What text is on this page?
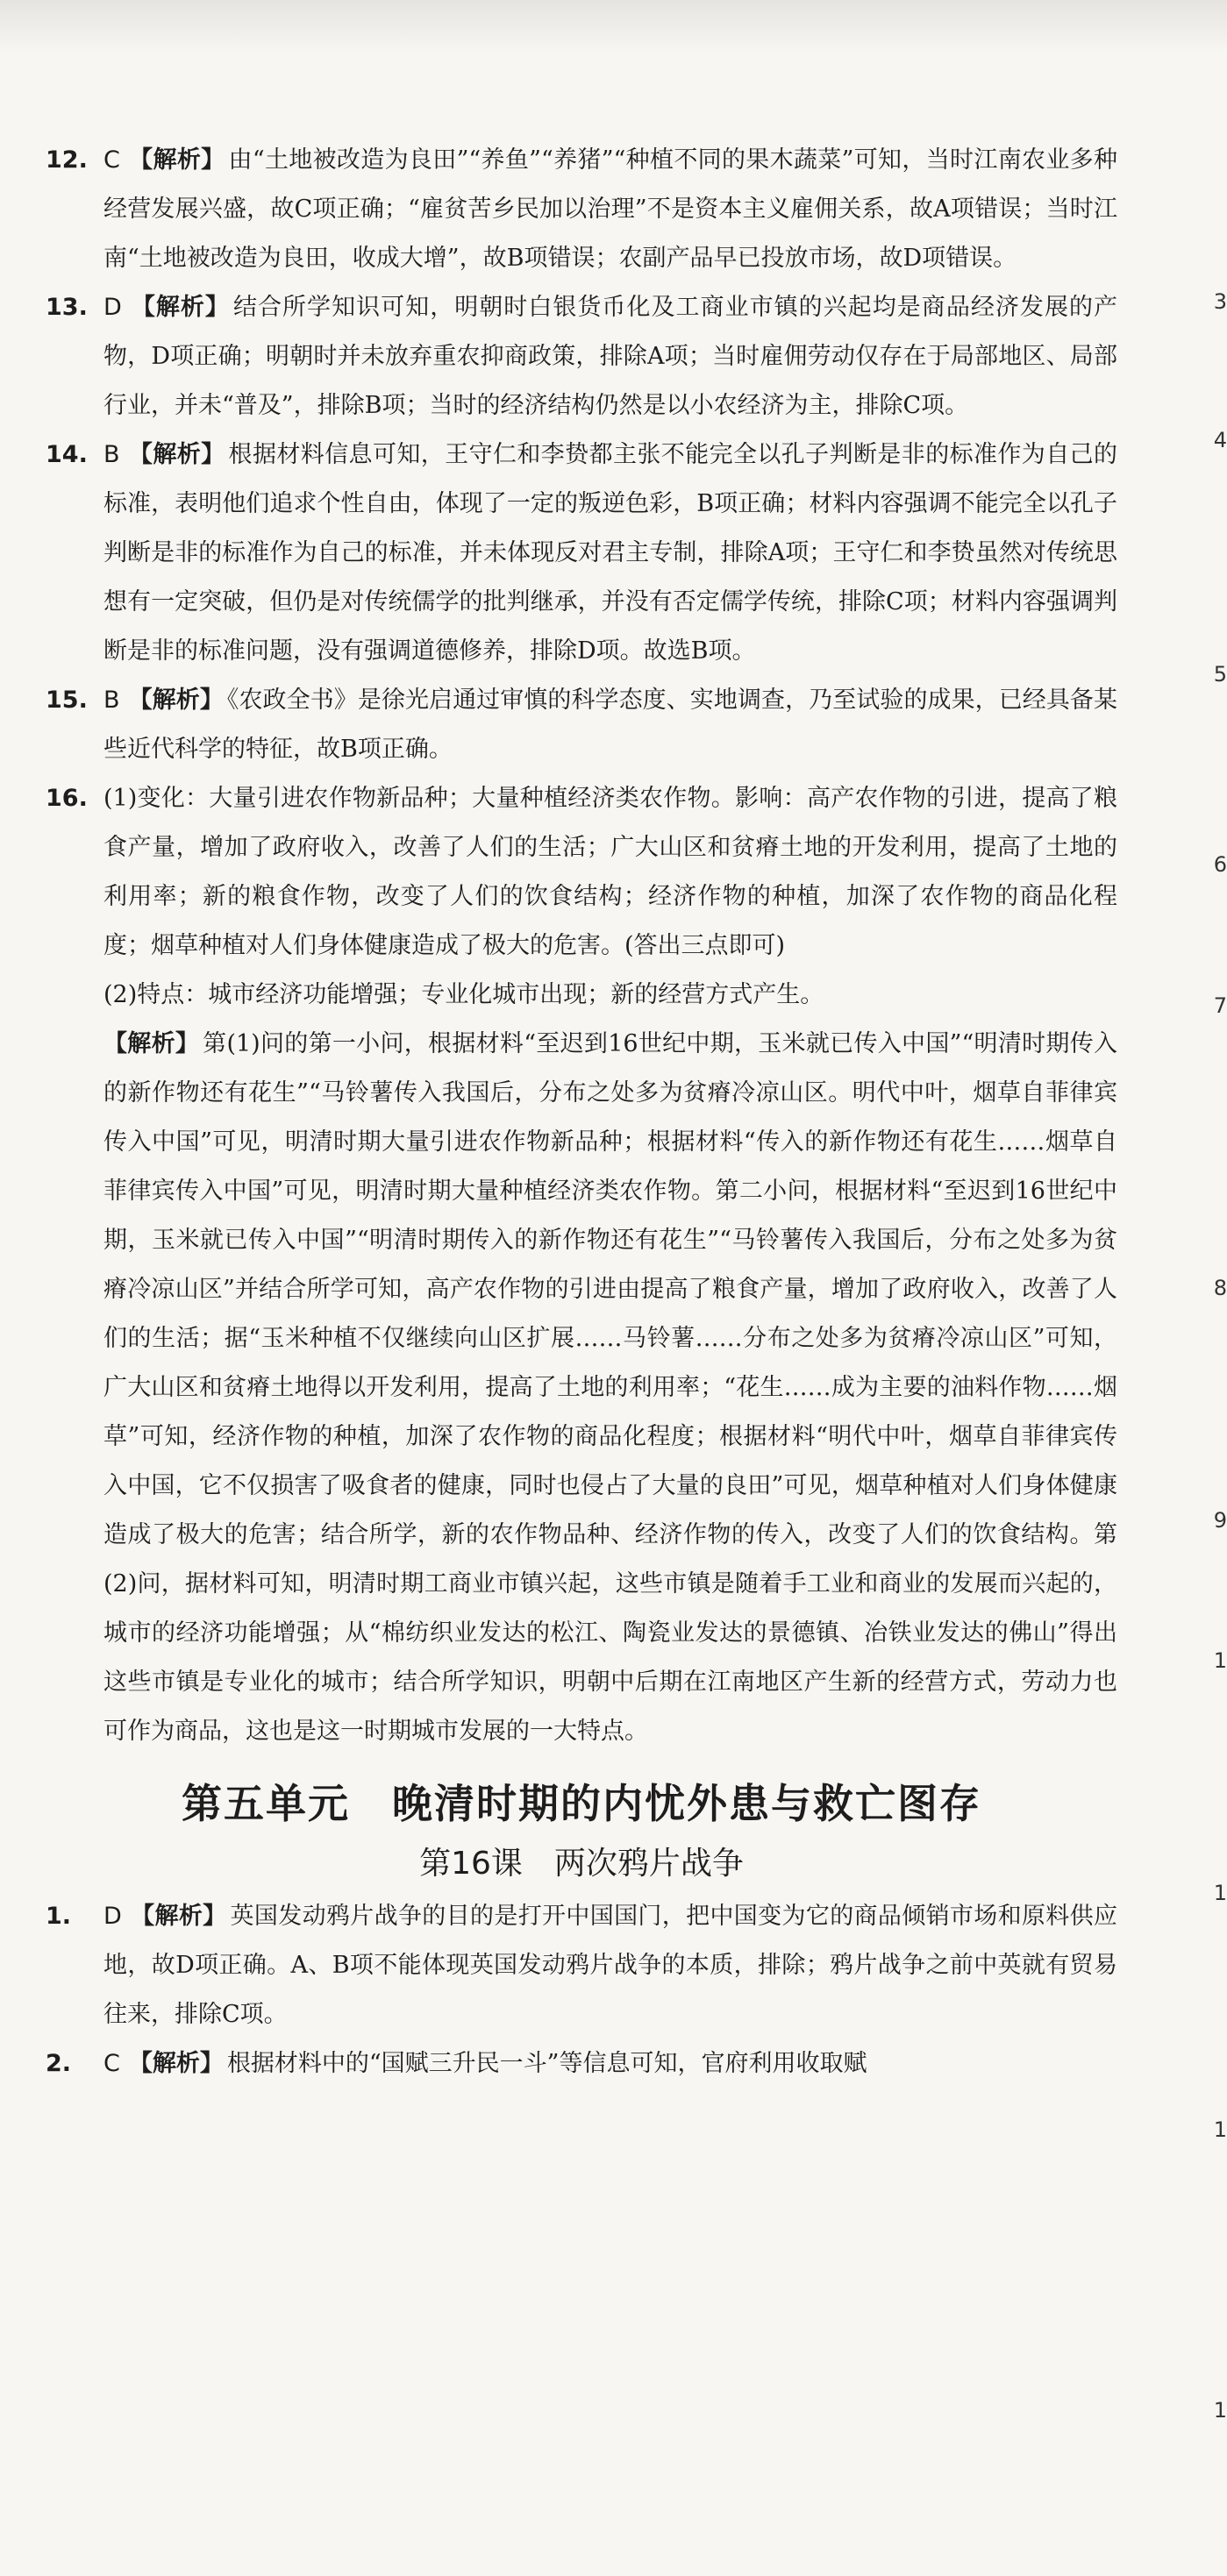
12. C 【解析】 由“土地被改造为良田”“养鱼”“养猪”“种植不同的果木蔬菜”可知，当时江南农业多种经营发展兴盛，故C项正确；“雇贫苦乡民加以治理”不是资本主义雇佣关系，故A项错误；当时江南“土地被改造为良田，收成大增”，故B项错误；农副产品早已投放市场，故D项错误。
13. D 【解析】 结合所学知识可知，明朝时白银货币化及工商业市镇的兴起均是商品经济发展的产物，D项正确；明朝时并未放弃重农抑商政策，排除A项；当时雇佣劳动仅存在于局部地区、局部行业，并未“普及”，排除B项；当时的经济结构仍然是以小农经济为主，排除C项。
14. B 【解析】 根据材料信息可知，王守仁和李贽都主张不能完全以孔子判断是非的标准作为自己的标准，表明他们追求个性自由，体现了一定的叛逆色彩，B项正确；材料内容强调不能完全以孔子判断是非的标准作为自己的标准，并未体现反对君主专制，排除A项；王守仁和李贽虽然对传统思想有一定突破，但仍是对传统儒学的批判继承，并没有否定儒学传统，排除C项；材料内容强调判断是非的标准问题，没有强调道德修养，排除D项。故选B项。
15. B 【解析】 《农政全书》是徐光启通过审慎的科学态度、实地调查，乃至试验的成果，已经具备某些近代科学的特征，故B项正确。
16. (1)变化：大量引进农作物新品种；大量种植经济类农作物。影响：高产农作物的引进，提高了粮食产量，增加了政府收入，改善了人们的生活；广大山区和贫瘠土地的开发利用，提高了土地的利用率；新的粮食作物，改变了人们的饮食结构；经济作物的种植，加深了农作物的商品化程度；烟草种植对人们身体健康造成了极大的危害。(答出三点即可)
(2)特点：城市经济功能增强；专业化城市出现；新的经营方式产生。
【解析】 第(1)问的第一小问，根据材料“至迟到16世纪中期，玉米就已传入中国”“明清时期传入的新作物还有花生”“马铃薯传入我国后，分布之处多为贫瘠冷凉山区。明代中叶，烟草自菲律宾传入中国”可见，明清时期大量引进农作物新品种；根据材料“传入的新作物还有花生……烟草自菲律宾传入中国”可见，明清时期大量种植经济类农作物。第二小问，根据材料“至迟到16世纪中期，玉米就已传入中国”“明清时期传入的新作物还有花生”“马铃薯传入我国后，分布之处多为贫瘠冷凉山区”并结合所学可知，高产农作物的引进由提高了粮食产量，增加了政府收入，改善了人们的生活；据“玉米种植不仅继续向山区扩展……马铃薯……分布之处多为贫瘠冷凉山区”可知，广大山区和贫瘠土地得以开发利用，提高了土地的利用率；“花生……成为主要的油料作物……烟草”可知，经济作物的种植，加深了农作物的商品化程度；根据材料“明代中叶，烟草自菲律宾传入中国，它不仅损害了吸食者的健康，同时也侵占了大量的良田”可见，烟草种植对人们身体健康造成了极大的危害；结合所学，新的农作物品种、经济作物的传入，改变了人们的饮食结构。第(2)问，据材料可知，明清时期工商业市镇兴起，这些市镇是随着手工业和商业的发展而兴起的，城市的经济功能增强；从“棉纺织业发达的松江、陶瓷业发达的景德镇、冶铁业发达的佛山”得出这些市镇是专业化的城市；结合所学知识，明朝中后期在江南地区产生新的经营方式，劳动力也可作为商品，这也是这一时期城市发展的一大特点。
第五单元　晚清时期的内忧外患与救亡图存
第16课　两次鸦片战争
1.	D 【解析】 英国发动鸦片战争的目的是打开中国国门，把中国变为它的商品倾销市场和原料供应地，故D项正确。A、B项不能体现英国发动鸦片战争的本质，排除；鸦片战争之前中英就有贸易往来，排除C项。
2.	C 【解析】 根据材料中的“国赋三升民一斗”等信息可知，官府利用收取赋
3
4
5
6
7
8
9
1
1
1
1
